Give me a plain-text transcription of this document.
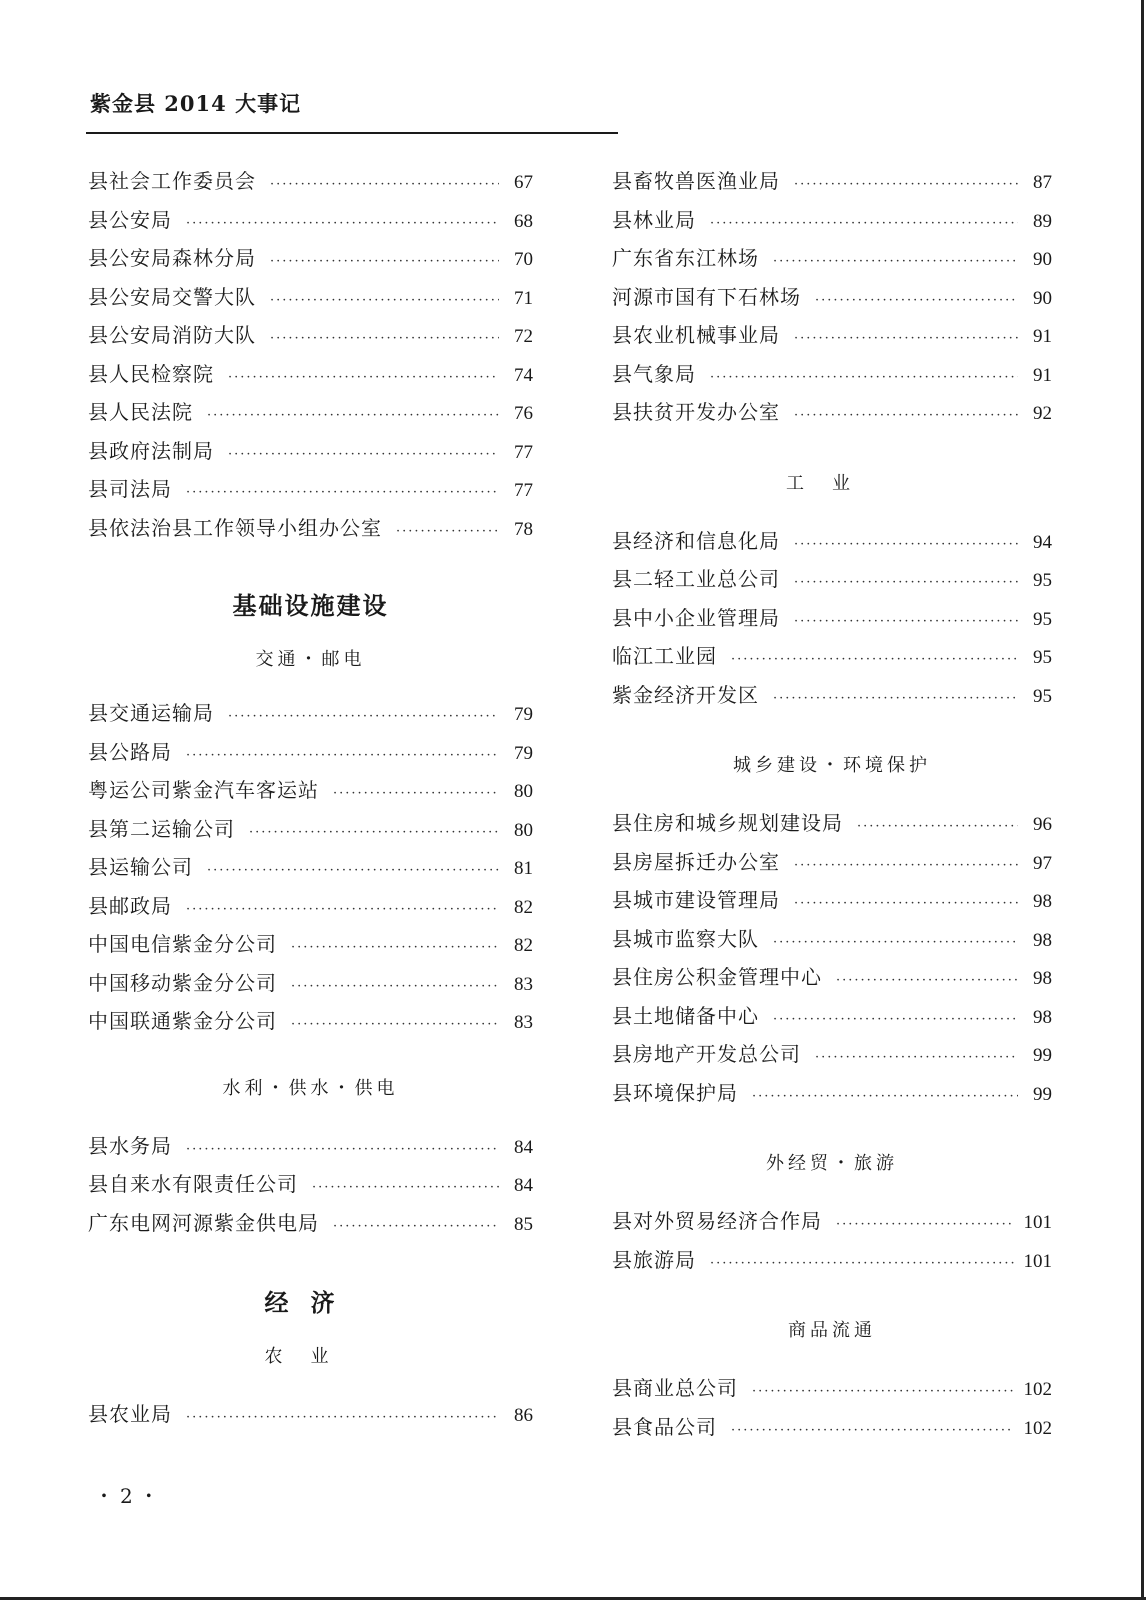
紫金县 2014 大事记
县社会工作委员会 ·····	67
县公安局 ·····	68
县公安局森林分局 ·····	70
县公安局交警大队 ·····	71
县公安局消防大队 ·····	72
县人民检察院 ·····	74
县人民法院 ·····	76
县政府法制局 ·····	77
县司法局 ·····	77
县依法治县工作领导小组办公室 ·····	78
基础设施建设
交通・邮电
县交通运输局 ·····	79
县公路局 ·····	79
粤运公司紫金汽车客运站 ·····	80
县第二运输公司 ·····	80
县运输公司 ·····	81
县邮政局 ·····	82
中国电信紫金分公司 ·····	82
中国移动紫金分公司 ·····	83
中国联通紫金分公司 ·····	83
水利・供水・供电
县水务局 ·····	84
县自来水有限责任公司 ·····	84
广东电网河源紫金供电局 ·····	85
经济
农业
县农业局 ·····	86
・2・
县畜牧兽医渔业局 ·····	87
县林业局 ·····	89
广东省东江林场 ·····	90
河源市国有下石林场 ·····	90
县农业机械事业局 ·····	91
县气象局 ·····	91
县扶贫开发办公室 ·····	92
工业
县经济和信息化局 ·····	94
县二轻工业总公司 ·····	95
县中小企业管理局 ·····	95
临江工业园 ·····	95
紫金经济开发区 ·····	95
城乡建设・环境保护
县住房和城乡规划建设局 ·····	96
县房屋拆迁办公室 ·····	97
县城市建设管理局 ·····	98
县城市监察大队 ·····	98
县住房公积金管理中心 ·····	98
县土地储备中心 ·····	98
县房地产开发总公司 ·····	99
县环境保护局 ·····	99
外经贸・旅游
县对外贸易经济合作局 ·····	101
县旅游局 ·····	101
商品流通
县商业总公司 ·····	102
县食品公司 ·····	102
